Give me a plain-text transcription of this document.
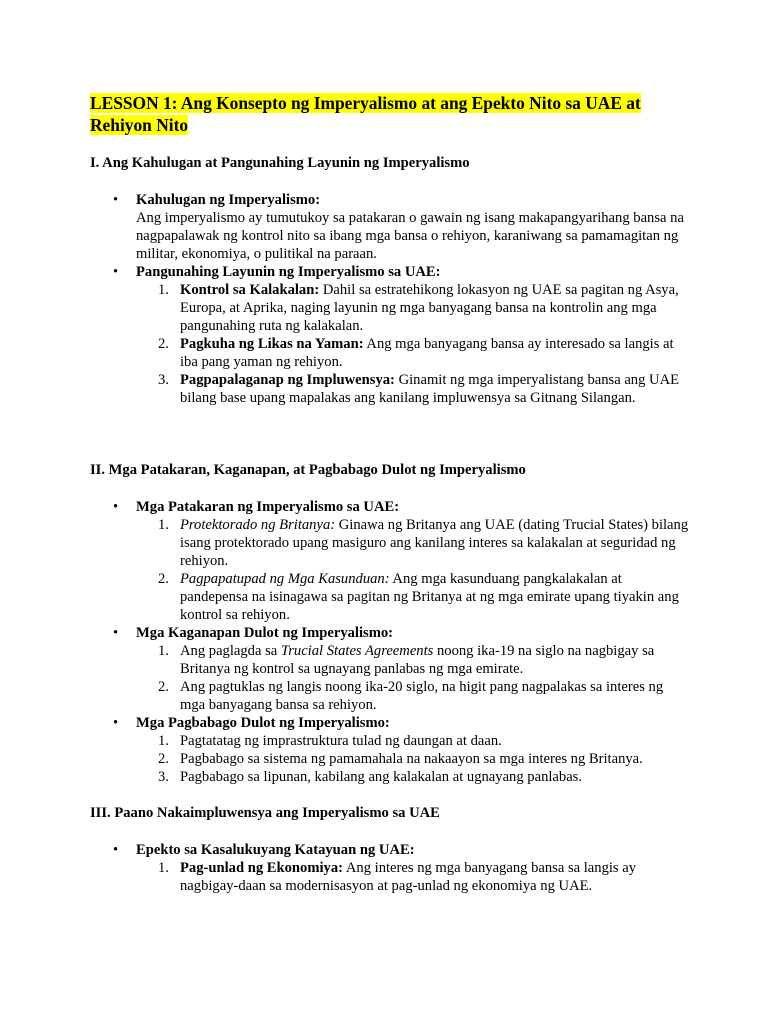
LESSON 1: Ang Konsepto ng Imperyalismo at ang Epekto Nito sa UAE at Rehiyon Nito

I. Ang Kahulugan at Pangunahing Layunin ng Imperyalismo

• Kahulugan ng Imperyalismo:
Ang imperyalismo ay tumutukoy sa patakaran o gawain ng isang makapangyarihang bansa na nagpapalawak ng kontrol nito sa ibang mga bansa o rehiyon, karaniwang sa pamamagitan ng militar, ekonomiya, o pulitikal na paraan.
• Pangunahing Layunin ng Imperyalismo sa UAE:
1. Kontrol sa Kalakalan: Dahil sa estratehikong lokasyon ng UAE sa pagitan ng Asya, Europa, at Aprika, naging layunin ng mga banyagang bansa na kontrolin ang mga pangunahing ruta ng kalakalan.
2. Pagkuha ng Likas na Yaman: Ang mga banyagang bansa ay interesado sa langis at iba pang yaman ng rehiyon.
3. Pagpapalaganap ng Impluwensya: Ginamit ng mga imperyalistang bansa ang UAE bilang base upang mapalakas ang kanilang impluwensya sa Gitnang Silangan.

II. Mga Patakaran, Kaganapan, at Pagbabago Dulot ng Imperyalismo

• Mga Patakaran ng Imperyalismo sa UAE:
1. Protektorado ng Britanya: Ginawa ng Britanya ang UAE (dating Trucial States) bilang isang protektorado upang masiguro ang kanilang interes sa kalakalan at seguridad ng rehiyon.
2. Pagpapatupad ng Mga Kasunduan: Ang mga kasunduang pangkalakalan at pandepensa na isinagawa sa pagitan ng Britanya at ng mga emirate upang tiyakin ang kontrol sa rehiyon.
• Mga Kaganapan Dulot ng Imperyalismo:
1. Ang paglagda sa Trucial States Agreements noong ika-19 na siglo na nagbigay sa Britanya ng kontrol sa ugnayang panlabas ng mga emirate.
2. Ang pagtuklas ng langis noong ika-20 siglo, na higit pang nagpalakas sa interes ng mga banyagang bansa sa rehiyon.
• Mga Pagbabago Dulot ng Imperyalismo:
1. Pagtatatag ng imprastruktura tulad ng daungan at daan.
2. Pagbabago sa sistema ng pamamahala na nakaayon sa mga interes ng Britanya.
3. Pagbabago sa lipunan, kabilang ang kalakalan at ugnayang panlabas.

III. Paano Nakaimpluwensya ang Imperyalismo sa UAE

• Epekto sa Kasalukuyang Katayuan ng UAE:
1. Pag-unlad ng Ekonomiya: Ang interes ng mga banyagang bansa sa langis ay nagbigay-daan sa modernisasyon at pag-unlad ng ekonomiya ng UAE.
